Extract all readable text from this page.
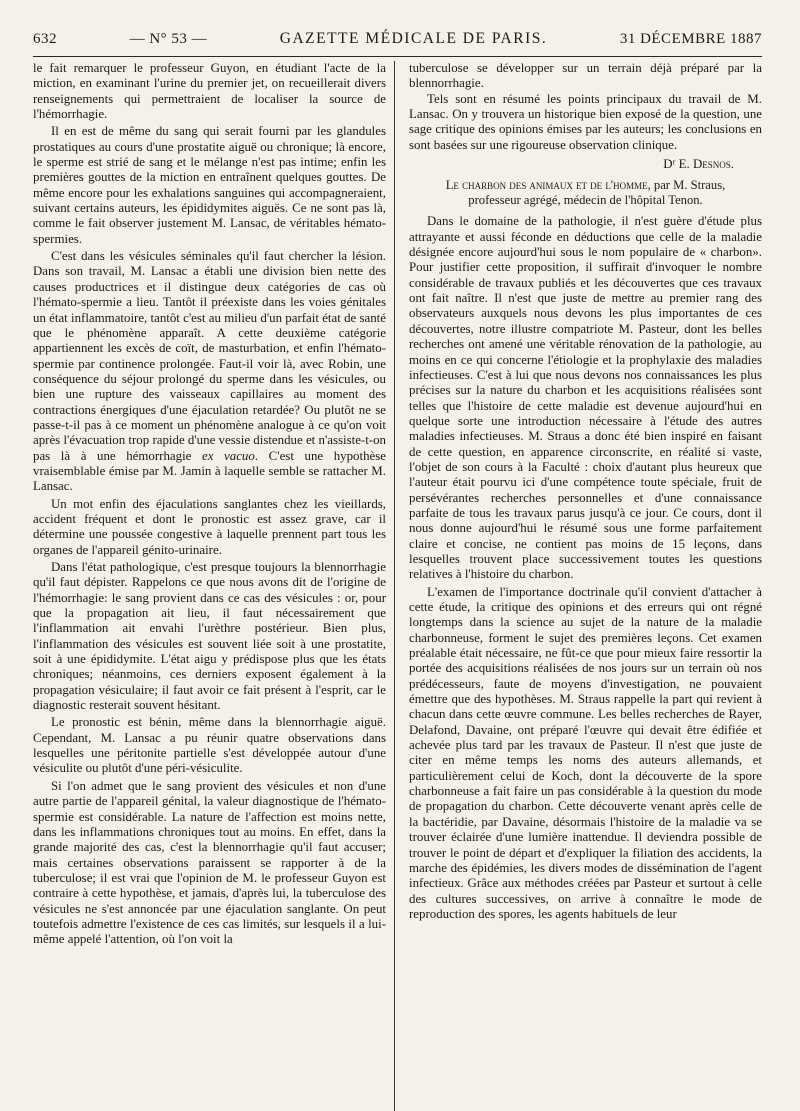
632	— N° 53 —	GAZETTE MÉDICALE DE PARIS.	31 DÉCEMBRE 1887

le fait remarquer le professeur Guyon, en étudiant l'acte de la miction, en examinant l'urine du premier jet, on recueillerait divers renseignements qui permettraient de localiser la source de l'hémorrhagie.

Il en est de même du sang qui serait fourni par les glandules prostatiques au cours d'une prostatite aiguë ou chronique; là encore, le sperme est strié de sang et le mélange n'est pas intime; enfin les premières gouttes de la miction en entraînent quelques gouttes. De même encore pour les exhalations sanguines qui accompagneraient, suivant certains auteurs, les épididymites aiguës. Ce ne sont pas là, comme le fait observer justement M. Lansac, de véritables hémato-spermies.

C'est dans les vésicules séminales qu'il faut chercher la lésion. Dans son travail, M. Lansac a établi une division bien nette des causes productrices et il distingue deux catégories de cas où l'hémato-spermie a lieu. Tantôt il préexiste dans les voies génitales un état inflammatoire, tantôt c'est au milieu d'un parfait état de santé que le phénomène apparaît. A cette deuxième catégorie appartiennent les excès de coït, de masturbation, et enfin l'hémato-spermie par continence prolongée. Faut-il voir là, avec Robin, une conséquence du séjour prolongé du sperme dans les vésicules, ou bien une rupture des vaisseaux capillaires au moment des contractions énergiques d'une éjaculation retardée? Ou plutôt ne se passe-t-il pas à ce moment un phénomène analogue à ce qu'on voit après l'évacuation trop rapide d'une vessie distendue et n'assiste-t-on pas là à une hémorrhagie ex vacuo. C'est une hypothèse vraisemblable émise par M. Jamin à laquelle semble se rattacher M. Lansac.

Un mot enfin des éjaculations sanglantes chez les vieillards, accident fréquent et dont le pronostic est assez grave, car il détermine une poussée congestive à laquelle prennent part tous les organes de l'appareil génito-urinaire.

Dans l'état pathologique, c'est presque toujours la blennorrhagie qu'il faut dépister. Rappelons ce que nous avons dit de l'origine de l'hémorrhagie: le sang provient dans ce cas des vésicules : or, pour que la propagation ait lieu, il faut nécessairement que l'inflammation ait envahi l'urèthre postérieur. Bien plus, l'inflammation des vésicules est souvent liée soit à une prostatite, soit à une épididymite. L'état aigu y prédispose plus que les états chroniques; néanmoins, ces derniers exposent également à la propagation vésiculaire; il faut avoir ce fait présent à l'esprit, car le diagnostic resterait souvent hésitant.

Le pronostic est bénin, même dans la blennorrhagie aiguë. Cependant, M. Lansac a pu réunir quatre observations dans lesquelles une péritonite partielle s'est développée autour d'une vésiculite ou plutôt d'une péri-vésiculite.

Si l'on admet que le sang provient des vésicules et non d'une autre partie de l'appareil génital, la valeur diagnostique de l'hémato-spermie est considérable. La nature de l'affection est moins nette, dans les inflammations chroniques tout au moins. En effet, dans la grande majorité des cas, c'est la blennorrhagie qu'il faut accuser; mais certaines observations paraissent se rapporter à de la tuberculose; il est vrai que l'opinion de M. le professeur Guyon est contraire à cette hypothèse, et jamais, d'après lui, la tuberculose des vésicules ne s'est annoncée par une éjaculation sanglante. On peut toutefois admettre l'existence de ces cas limités, sur lesquels il a lui-même appelé l'attention, où l'on voit la

tuberculose se développer sur un terrain déjà préparé par la blennorrhagie.

Tels sont en résumé les points principaux du travail de M. Lansac. On y trouvera un historique bien exposé de la question, une sage critique des opinions émises par les auteurs; les conclusions en sont basées sur une rigoureuse observation clinique.

Dʳ E. Desnos.

Le charbon des animaux et de l'homme, par M. Straus,
professeur agrégé, médecin de l'hôpital Tenon.

Dans le domaine de la pathologie, il n'est guère d'étude plus attrayante et aussi féconde en déductions que celle de la maladie désignée encore aujourd'hui sous le nom populaire de « charbon». Pour justifier cette proposition, il suffirait d'invoquer le nombre considérable de travaux publiés et les découvertes que ces travaux ont fait naître. Il n'est que juste de mettre au premier rang des observateurs auxquels nous devons les plus importantes de ces découvertes, notre illustre compatriote M. Pasteur, dont les belles recherches ont amené une véritable rénovation de la pathologie, au moins en ce qui concerne l'étiologie et la prophylaxie des maladies infectieuses. C'est à lui que nous devons nos connaissances les plus précises sur la nature du charbon et les acquisitions réalisées sont telles que l'histoire de cette maladie est devenue aujourd'hui en quelque sorte une introduction nécessaire à l'étude des autres maladies infectieuses. M. Straus a donc été bien inspiré en faisant de cette question, en apparence circonscrite, en réalité si vaste, l'objet de son cours à la Faculté : choix d'autant plus heureux que l'auteur était pourvu ici d'une compétence toute spéciale, fruit de persévérantes recherches personnelles et d'une connaissance parfaite de tous les travaux parus jusqu'à ce jour. Ce cours, dont il nous donne aujourd'hui le résumé sous une forme parfaitement claire et concise, ne contient pas moins de 15 leçons, dans lesquelles trouvent place successivement toutes les questions relatives à l'histoire du charbon.

L'examen de l'importance doctrinale qu'il convient d'attacher à cette étude, la critique des opinions et des erreurs qui ont régné longtemps dans la science au sujet de la nature de la maladie charbonneuse, forment le sujet des premières leçons. Cet examen préalable était nécessaire, ne fût-ce que pour mieux faire ressortir la portée des acquisitions réalisées de nos jours sur un terrain où nos prédécesseurs, faute de moyens d'investigation, ne pouvaient émettre que des hypothèses. M. Straus rappelle la part qui revient à chacun dans cette œuvre commune. Les belles recherches de Rayer, Delafond, Davaine, ont préparé l'œuvre qui devait être édifiée et achevée plus tard par les travaux de Pasteur. Il n'est que juste de citer en même temps les noms des auteurs allemands, et particulièrement celui de Koch, dont la découverte de la spore charbonneuse a fait faire un pas considérable à la question du mode de propagation du charbon. Cette découverte venant après celle de la bactéridie, par Davaine, désormais l'histoire de la maladie va se trouver éclairée d'une lumière inattendue. Il deviendra possible de trouver le point de départ et d'expliquer la filiation des accidents, la marche des épidémies, les divers modes de dissémination de l'agent infectieux. Grâce aux méthodes créées par Pasteur et surtout à celle des cultures successives, on arrive à connaître le mode de reproduction des spores, les agents habituels de leur
